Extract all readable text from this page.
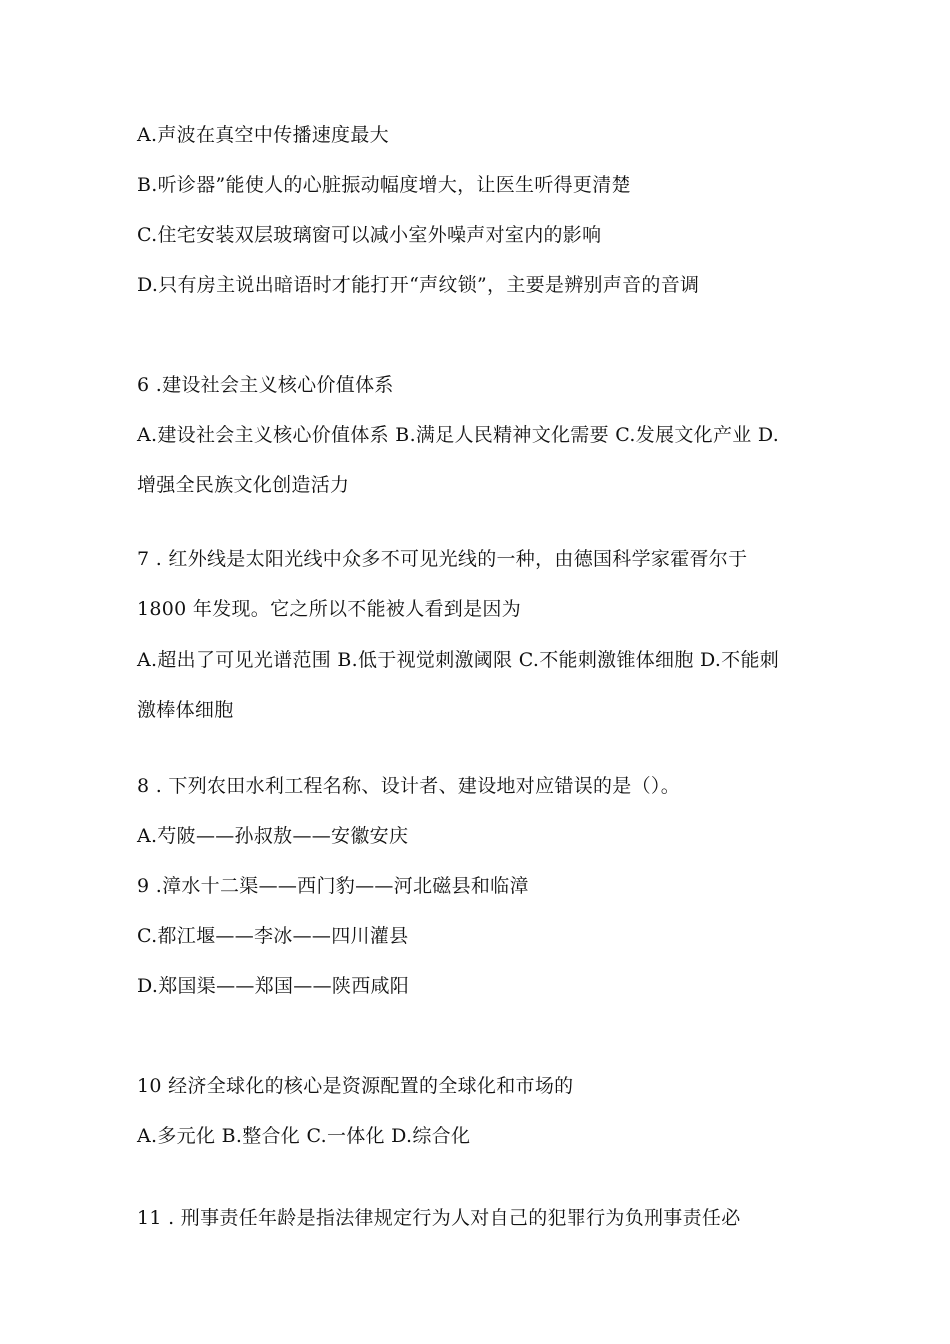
A.声波在真空中传播速度最大
B.听诊器”能使人的心脏振动幅度增大，让医生听得更清楚
C.住宅安装双层玻璃窗可以减小室外噪声对室内的影响
D.只有房主说出暗语时才能打开“声纹锁”，主要是辨别声音的音调
6 .建设社会主义核心价值体系
A.建设社会主义核心价值体系 B.满足人民精神文化需要 C.发展文化产业 D.
增强全民族文化创造活力
7 . 红外线是太阳光线中众多不可见光线的一种，由德国科学家霍胥尔于
1800 年发现。它之所以不能被人看到是因为
A.超出了可见光谱范围 B.低于视觉刺激阈限 C.不能刺激锥体细胞 D.不能刺
激棒体细胞
8 . 下列农田水利工程名称、设计者、建设地对应错误的是（）。
A.芍陂——孙叔敖——安徽安庆
9 .漳水十二渠——西门豹——河北磁县和临漳
C.都江堰——李冰——四川灌县
D.郑国渠——郑国——陕西咸阳
10 经济全球化的核心是资源配置的全球化和市场的
A.多元化 B.整合化 C.一体化 D.综合化
11 . 刑事责任年龄是指法律规定行为人对自己的犯罪行为负刑事责任必
